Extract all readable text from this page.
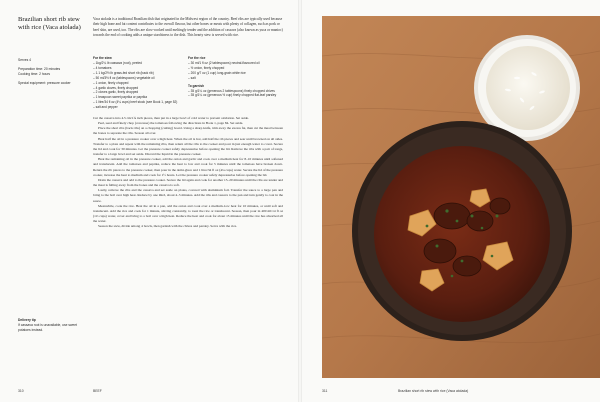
Brazilian short rib stew with rice (Vaca atolada)
Vaca atolada is a traditional Brazilian dish that originated in the Midwest region of the country. Beef ribs are typically used because their high bone and fat content contributes to the overall flavour, but other bones or meats with plenty of collagen, such as pork or beef shin, are used, too. The ribs are slow-cooked until meltingly tender and the addition of cassava (also known as yuca or manioc) towards the end of cooking adds a unique starchiness to the dish. This hearty stew is served with rice.
Serves 4
Preparation time: 20 minutes
Cooking time: 2 hours
Special equipment: pressure cooker
For the stew
– 1kg/2¼ lb cassava (root), peeled
– 4 tomatoes
– 1.1 kg/2½ lb grass-fed short rib (back rib)
– 50 ml/3½ fl oz (tablespoons) vegetable oil
– 1 onion, finely chopped
– 4 garlic cloves, finely chopped
– 2 cloves garlic, finely chopped
– 1 teaspoon sweet paprika or paprika
– 1 litre/34 fl oz (4¼ cups) beef stock (see Book 1, page 52)
– salt and pepper
For the rice
– 30 ml/1 fl oz (2 tablespoons) neutral-flavoured oil
– ½ onion, finely chopped
– 200 g/7 oz (1 cup) long-grain white rice
– salt
To garnish
– 35 g/1¼ oz (generous 2 tablespoons) finely chopped chives
– 35 g/1¼ oz (generous ½ cup) finely chopped flat-leaf parsley

Cut the cassava into 4.5 cm/1¾ inch pieces, then put in a large bowl of cold water to prevent oxidation. Set aside.

Peel, seed and finely chop (concasse) the tomatoes following the directions in Book 1, page 84. Set aside.

Place the short ribs (back ribs) on a chopping (cutting) board. Using a sharp knife, trim away the excess fat, then cut the meat between the bones to separate the ribs. Season all over.

Heat half the oil in a pressure cooker over a high heat. When the oil is hot, add half the rib pieces and sear until browned on all sides. Transfer to a plate and repeat with the remaining ribs, then return all the ribs to the cooker and pour in just enough water to cover. Secure the lid and cook for 30 minutes. Let the pressure cooker safely depressurise before opening the lid. Remove the ribs with a pair of tongs, transfer to a large bowl and set aside. Discard the liquid in the pressure cooker.

Heat the remaining oil in the pressure cooker, add the onion and garlic and cook over a medium heat for 8–10 minutes until softened and translucent. Add the tomatoes and paprika, reduce the heat to low and cook for 5 minutes until the tomatoes have broken down. Return the rib pieces to the pressure cooker, then pour in the demi-glace and 1 litre/34 fl oz (4¼ cups) water. Secure the lid of the pressure cooker, increase the heat to medium and cook for 1½ hours. Let the pressure cooker safely depressurise before opening the lid.

Drain the cassava and add to the pressure cooker. Secure the lid again and cook for another 15–20 minutes until the ribs are tender and the meat is falling away from the bones and the cassava is soft.

Lastly, remove the ribs and the cassava and set aside on plates, covered with aluminium foil. Transfer the sauce to a large pan and bring to the boil over high heat. Reduce by one third, about 4–5 minutes. Add the ribs and cassava to the pan and turn gently to coat in the sauce.

Meanwhile, cook the rice. Heat the oil in a pan, add the onion and cook over a medium–low heat for 10 minutes, or until soft and translucent. Add the rice and cook for 1 minute, stirring constantly, to toast the rice or translucent. Season, then pour in 400 ml/14 fl oz (1⅔ cups) water, cover and bring to a boil over a high heat. Reduce the heat and cook for about 15 minutes until the rice has absorbed all the water.

Season the stew, divide among 4 bowls, then garnish with the chives and parsley. Serve with the rice.

Delivery tip
If cassava root is unavailable, use sweet potatoes instead.
310	BEEF	311	Brazilian short rib stew with rice (Vaca atolada)
